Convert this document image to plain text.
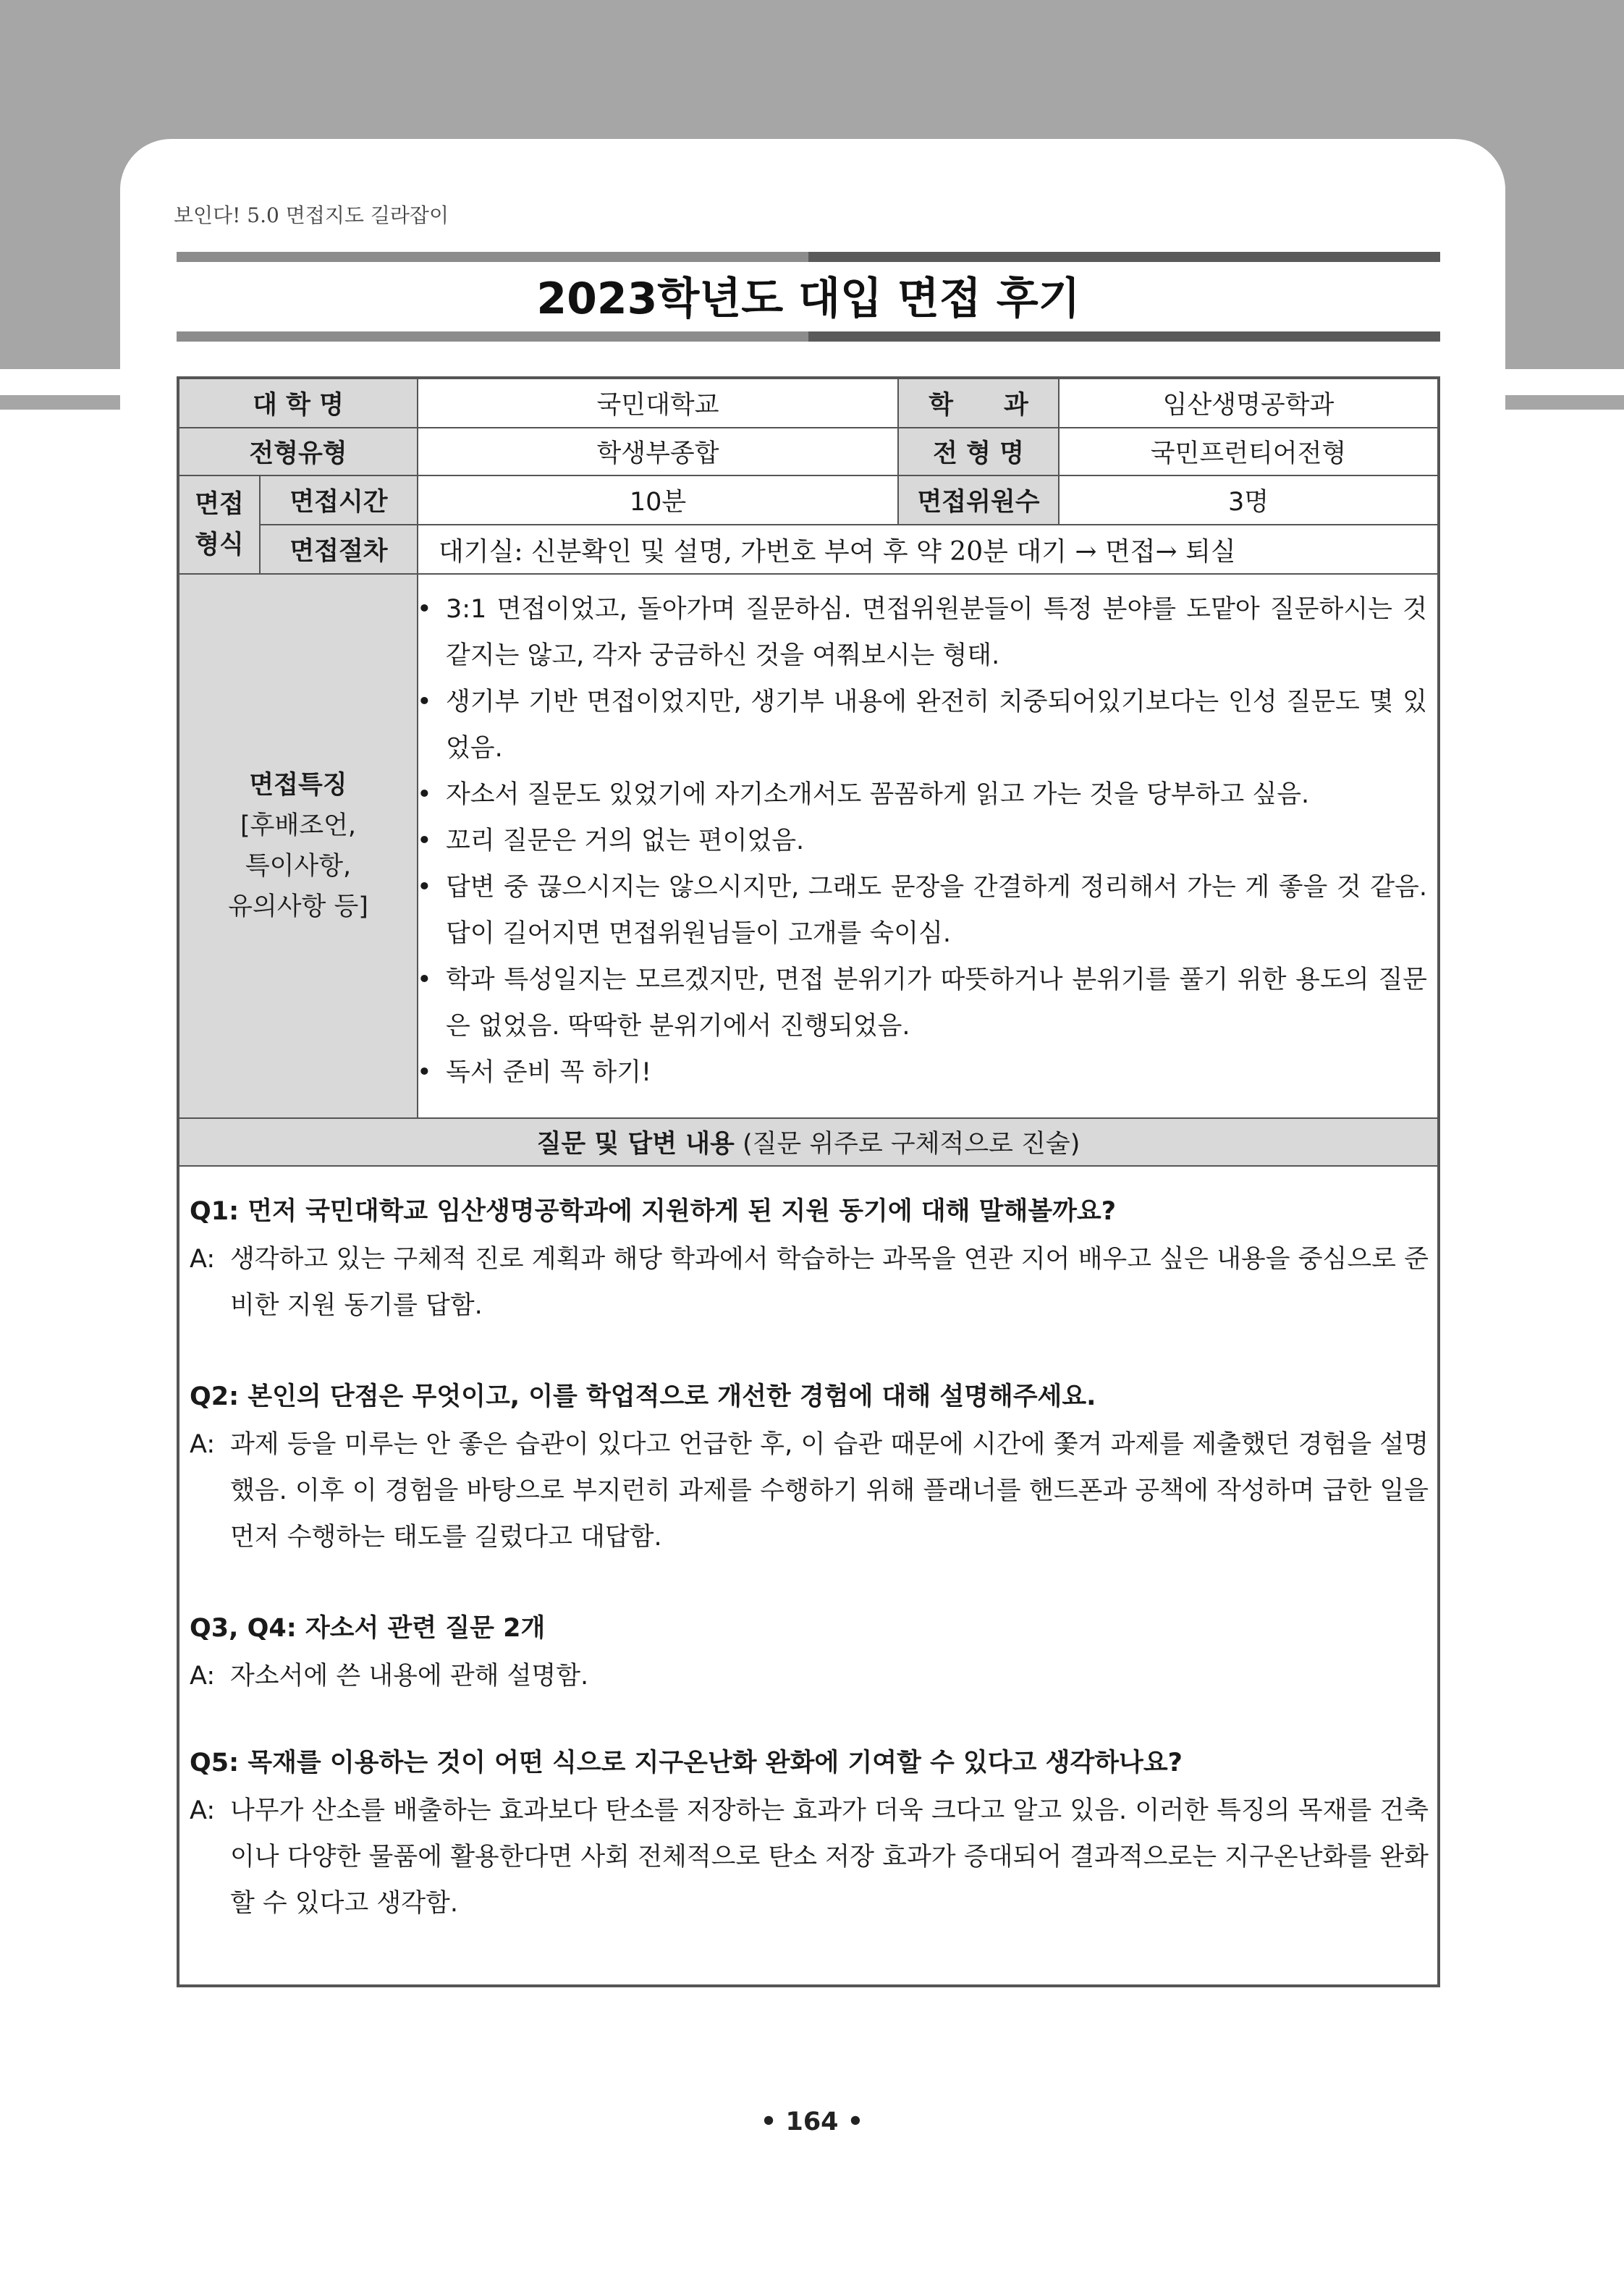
보인다! 5.0 면접지도 길라잡이
2023학년도 대입 면접 후기
대 학 명	국민대학교	학　　과	임산생명공학과
전형유형	학생부종합	전 형 명	국민프런티어전형
면접
형식
면접시간	10분	면접위원수	3명
면접절차	대기실: 신분확인 및 설명, 가번호 부여 후 약 20분 대기 → 면접→ 퇴실
면접특징
[후배조언,
특이사항,
유의사항 등]
• 3:1 면접이었고, 돌아가며 질문하심. 면접위원분들이 특정 분야를 도맡아 질문하시는 것 같지는 않고, 각자 궁금하신 것을 여쭤보시는 형태.
• 생기부 기반 면접이었지만, 생기부 내용에 완전히 치중되어있기보다는 인성 질문도 몇 있었음.
• 자소서 질문도 있었기에 자기소개서도 꼼꼼하게 읽고 가는 것을 당부하고 싶음.
• 꼬리 질문은 거의 없는 편이었음.
• 답변 중 끊으시지는 않으시지만, 그래도 문장을 간결하게 정리해서 가는 게 좋을 것 같음. 답이 길어지면 면접위원님들이 고개를 숙이심.
• 학과 특성일지는 모르겠지만, 면접 분위기가 따뜻하거나 분위기를 풀기 위한 용도의 질문은 없었음. 딱딱한 분위기에서 진행되었음.
• 독서 준비 꼭 하기!
질문 및 답변 내용 (질문 위주로 구체적으로 진술)

Q1: 먼저 국민대학교 임산생명공학과에 지원하게 된 지원 동기에 대해 말해볼까요?

A: 생각하고 있는 구체적 진로 계획과 해당 학과에서 학습하는 과목을 연관 지어 배우고 싶은 내용을 중심으로 준비한 지원 동기를 답함.

Q2: 본인의 단점은 무엇이고, 이를 학업적으로 개선한 경험에 대해 설명해주세요.

A: 과제 등을 미루는 안 좋은 습관이 있다고 언급한 후, 이 습관 때문에 시간에 쫓겨 과제를 제출했던 경험을 설명했음. 이후 이 경험을 바탕으로 부지런히 과제를 수행하기 위해 플래너를 핸드폰과 공책에 작성하며 급한 일을 먼저 수행하는 태도를 길렀다고 대답함.

Q3, Q4: 자소서 관련 질문 2개

A: 자소서에 쓴 내용에 관해 설명함.

Q5: 목재를 이용하는 것이 어떤 식으로 지구온난화 완화에 기여할 수 있다고 생각하나요?

A: 나무가 산소를 배출하는 효과보다 탄소를 저장하는 효과가 더욱 크다고 알고 있음. 이러한 특징의 목재를 건축이나 다양한 물품에 활용한다면 사회 전체적으로 탄소 저장 효과가 증대되어 결과적으로는 지구온난화를 완화할 수 있다고 생각함.
• 164 •
